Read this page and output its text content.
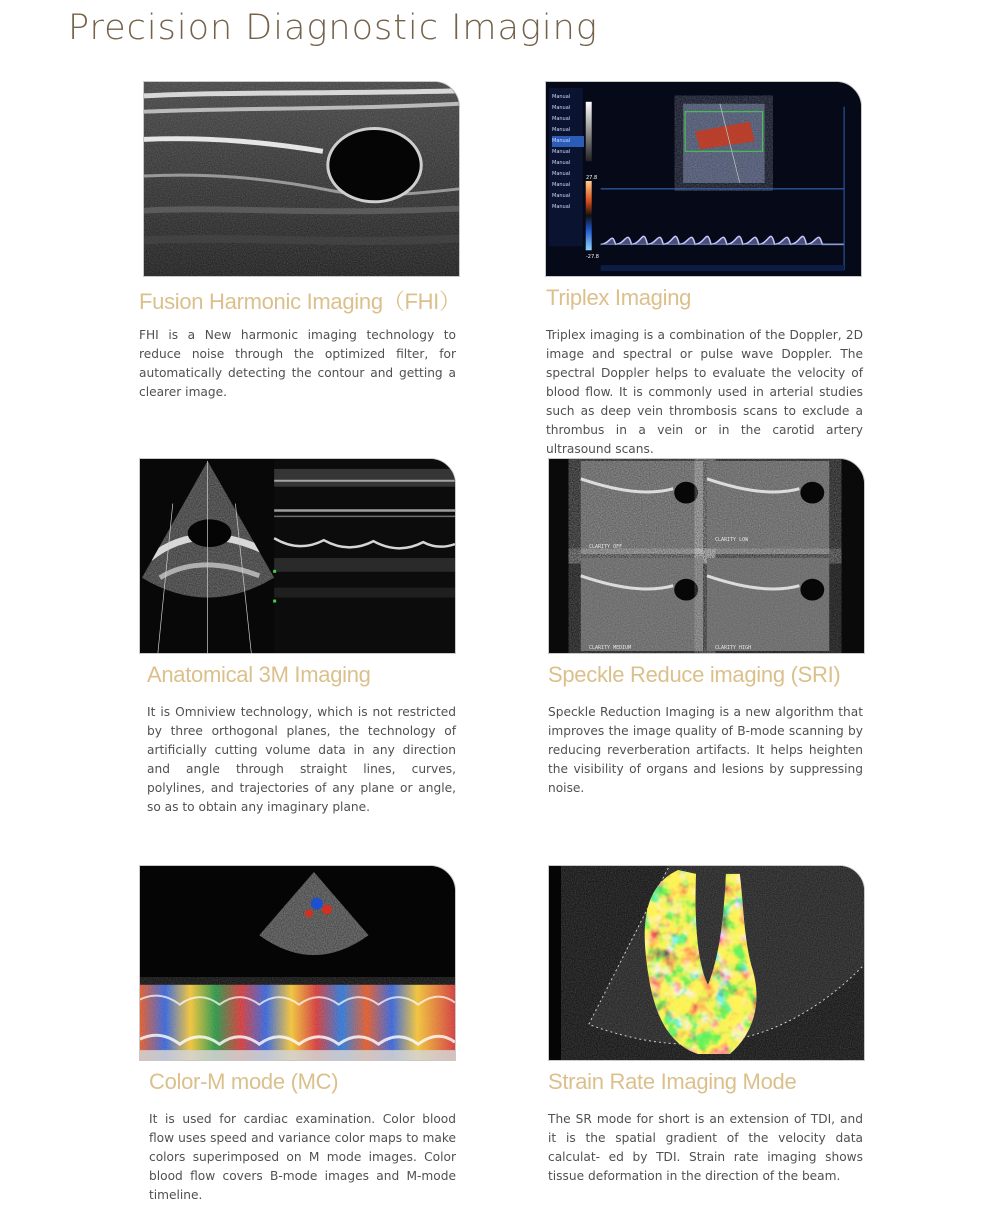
Precision Diagnostic Imaging
Fusion Harmonic Imaging（FHI）
FHI is a New harmonic imaging technology to reduce noise through the optimized filter, for automatically detecting the contour and getting a clearer image.
Manual
Manual
Manual
Manual
Manual
Manual
Manual
Manual
Manual
Manual
Manual
27.8
-27.8
Triplex Imaging
Triplex imaging is a combination of the Doppler, 2D image and spectral or pulse wave Doppler. The spectral Doppler helps to evaluate the velocity of blood flow. It is commonly used in arterial studies such as deep vein thrombosis scans to exclude a thrombus in a vein or in the carotid artery ultrasound scans.
Anatomical 3M Imaging
It is Omniview technology, which is not restricted by three orthogonal planes, the technology of artificially cutting volume data in any direction and angle through straight lines, curves, polylines, and trajectories of any plane or angle, so as to obtain any imaginary plane.
CLARITY OFF
CLARITY LOW
CLARITY MEDIUM	CLARITY HIGH
Speckle Reduce imaging (SRI)
Speckle Reduction Imaging is a new algorithm that improves the image quality of B-mode scanning by reducing reverberation artifacts. It helps heighten the visibility of organs and lesions by suppressing noise.
Color-M mode (MC)
It is used for cardiac examination. Color blood flow uses speed and variance color maps to make colors superimposed on M mode images. Color blood flow covers B-mode images and M-mode timeline.
Strain Rate Imaging Mode
The SR mode for short is an extension of TDI, and it is the spatial gradient of the velocity data calculat- ed by TDI. Strain rate imaging shows tissue deformation in the direction of the beam.
